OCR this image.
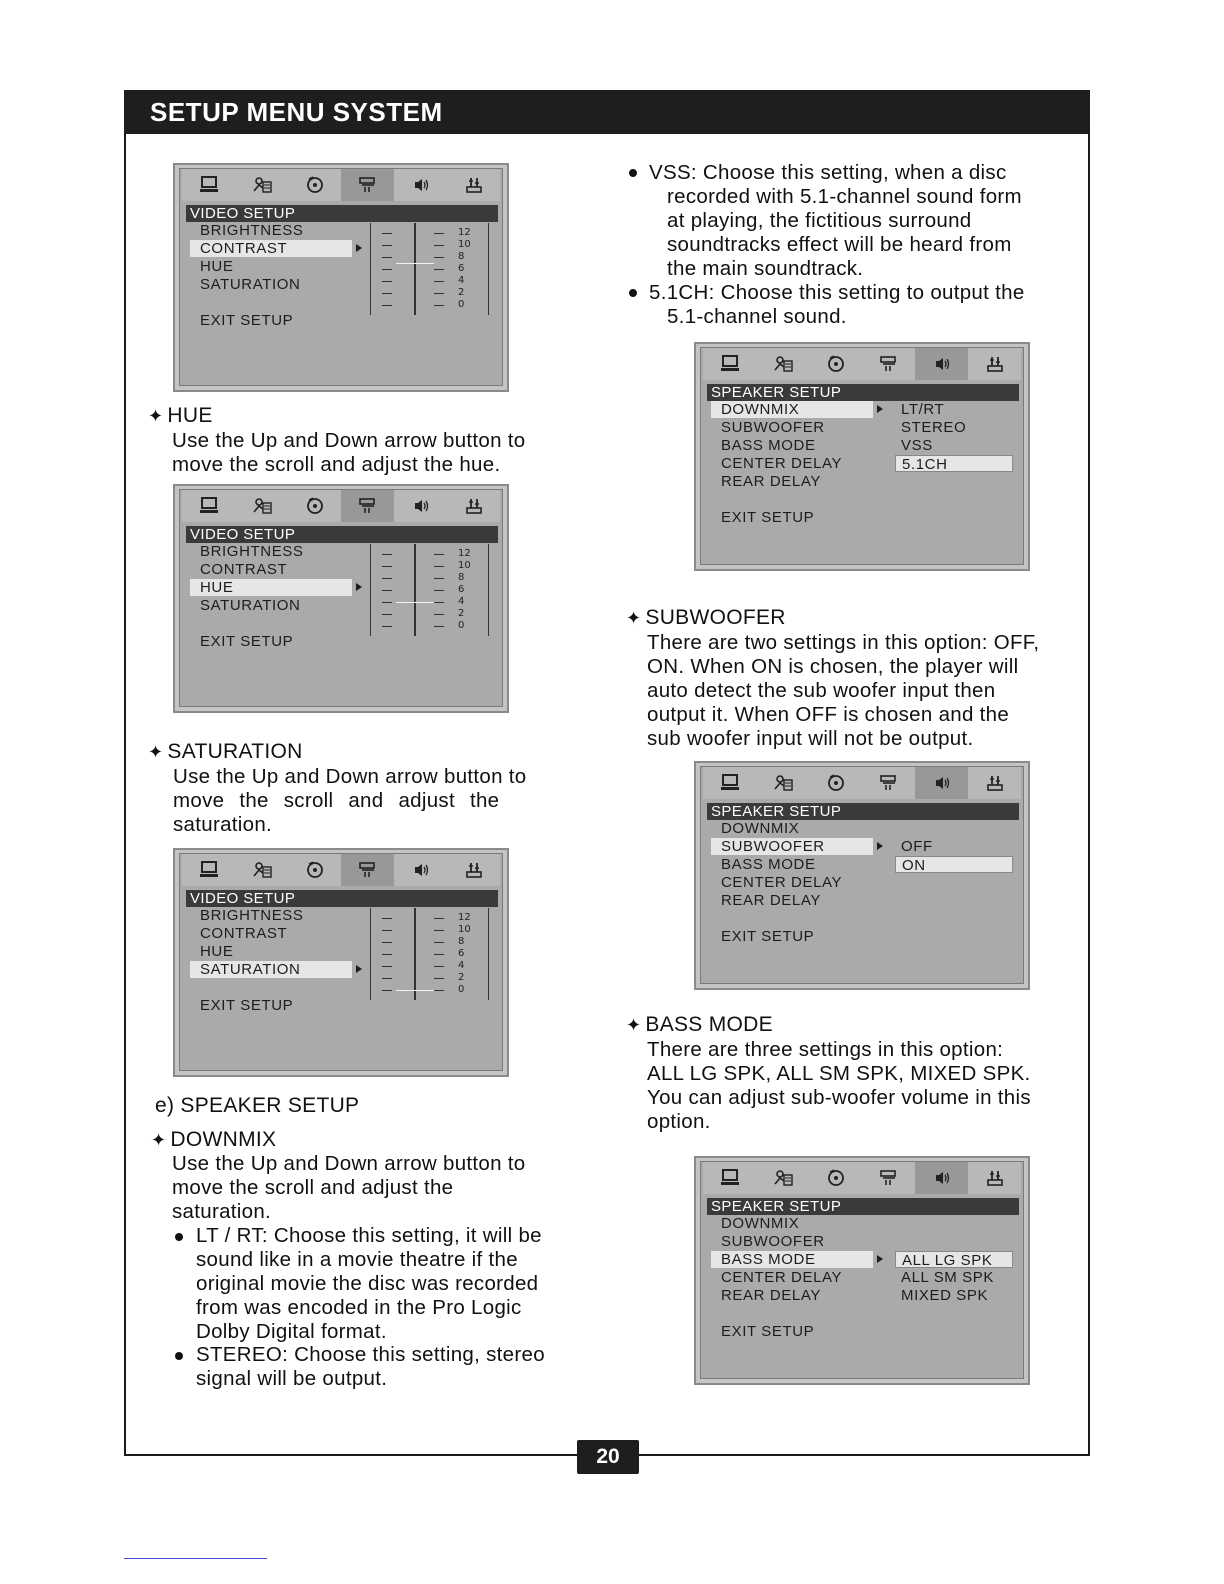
SETUP MENU SYSTEM
VIDEO SETUP
BRIGHTNESS
CONTRAST
HUE
SATURATION
EXIT SETUP
12
10
8
6
4
2
0
VIDEO SETUP
BRIGHTNESS
CONTRAST
HUE
SATURATION
EXIT SETUP
12
10
8
6
4
2
0
VIDEO SETUP
BRIGHTNESS
CONTRAST
HUE
SATURATION
EXIT SETUP
12
10
8
6
4
2
0
SPEAKER SETUP
DOWNMIX
SUBWOOFER
BASS MODE
CENTER DELAY
REAR DELAY
EXIT SETUP
LT/RT
STEREO
VSS
5.1CH
SPEAKER SETUP
DOWNMIX
SUBWOOFER
BASS MODE
CENTER DELAY
REAR DELAY
EXIT SETUP
OFF
ON
SPEAKER SETUP
DOWNMIX
SUBWOOFER
BASS MODE
CENTER DELAY
REAR DELAY
EXIT SETUP
ALL LG SPK
ALL SM SPK
MIXED SPK
✦ HUE
Use the Up and Down arrow button to
move the scroll and adjust the hue.
✦ SATURATION
Use the Up and Down arrow button to
move the scroll and adjust the
saturation.
e) SPEAKER SETUP
✦ DOWNMIX
Use the Up and Down arrow button to
move the scroll and adjust the
saturation.
LT / RT: Choose this setting, it will be
sound like in a movie theatre if the
original movie the disc was recorded
from was encoded in the Pro Logic
Dolby Digital format.
STEREO: Choose this setting, stereo
signal will be output.
VSS: Choose this setting, when a disc
recorded with 5.1-channel sound form
at playing, the fictitious surround
soundtracks effect will be heard from
the main soundtrack.
5.1CH: Choose this setting to output the
5.1-channel sound.
✦ SUBWOOFER
There are two settings in this option: OFF,
ON. When ON is chosen, the player will
auto detect the sub woofer input then
output it. When OFF is chosen and the
sub woofer input will not be output.
✦ BASS MODE
There are three settings in this option:
ALL LG SPK, ALL SM SPK, MIXED SPK.
You can adjust sub-woofer volume in this
option.
20
